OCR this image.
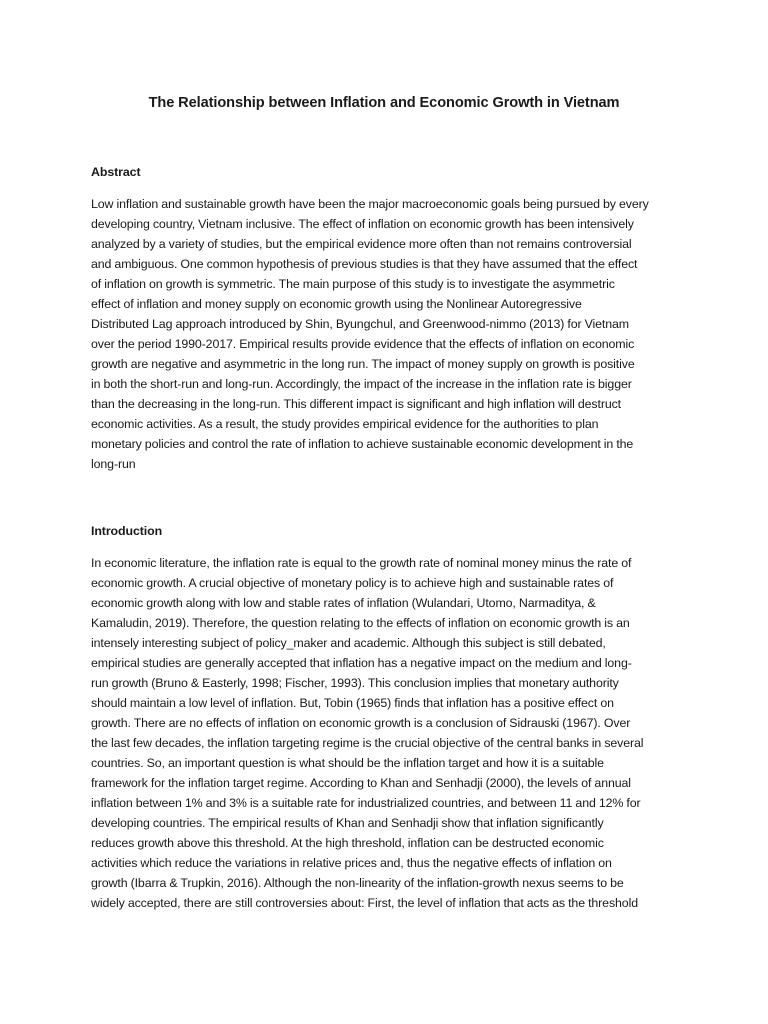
The Relationship between Inflation and Economic Growth in Vietnam
Abstract
Low inflation and sustainable growth have been the major macroeconomic goals being pursued by every
developing country, Vietnam inclusive. The effect of inflation on economic growth has been intensively
analyzed by a variety of studies, but the empirical evidence more often than not remains controversial
and ambiguous. One common hypothesis of previous studies is that they have assumed that the effect
of inflation on growth is symmetric. The main purpose of this study is to investigate the asymmetric
effect of inflation and money supply on economic growth using the Nonlinear Autoregressive
Distributed Lag approach introduced by Shin, Byungchul, and Greenwood-nimmo (2013) for Vietnam
over the period 1990-2017. Empirical results provide evidence that the effects of inflation on economic
growth are negative and asymmetric in the long run. The impact of money supply on growth is positive
in both the short-run and long-run. Accordingly, the impact of the increase in the inflation rate is bigger
than the decreasing in the long-run. This different impact is significant and high inflation will destruct
economic activities. As a result, the study provides empirical evidence for the authorities to plan
monetary policies and control the rate of inflation to achieve sustainable economic development in the
long-run
Introduction
In economic literature, the inflation rate is equal to the growth rate of nominal money minus the rate of
economic growth. A crucial objective of monetary policy is to achieve high and sustainable rates of
economic growth along with low and stable rates of inflation (Wulandari, Utomo, Narmaditya, &
Kamaludin, 2019). Therefore, the question relating to the effects of inflation on economic growth is an
intensely interesting subject of policy_maker and academic. Although this subject is still debated,
empirical studies are generally accepted that inflation has a negative impact on the medium and long-
run growth (Bruno & Easterly, 1998; Fischer, 1993). This conclusion implies that monetary authority
should maintain a low level of inflation. But, Tobin (1965) finds that inflation has a positive effect on
growth. There are no effects of inflation on economic growth is a conclusion of Sidrauski (1967). Over
the last few decades, the inflation targeting regime is the crucial objective of the central banks in several
countries. So, an important question is what should be the inflation target and how it is a suitable
framework for the inflation target regime. According to Khan and Senhadji (2000), the levels of annual
inflation between 1% and 3% is a suitable rate for industrialized countries, and between 11 and 12% for
developing countries. The empirical results of Khan and Senhadji show that inflation significantly
reduces growth above this threshold. At the high threshold, inflation can be destructed economic
activities which reduce the variations in relative prices and, thus the negative effects of inflation on
growth (Ibarra & Trupkin, 2016). Although the non-linearity of the inflation-growth nexus seems to be
widely accepted, there are still controversies about: First, the level of inflation that acts as the threshold
